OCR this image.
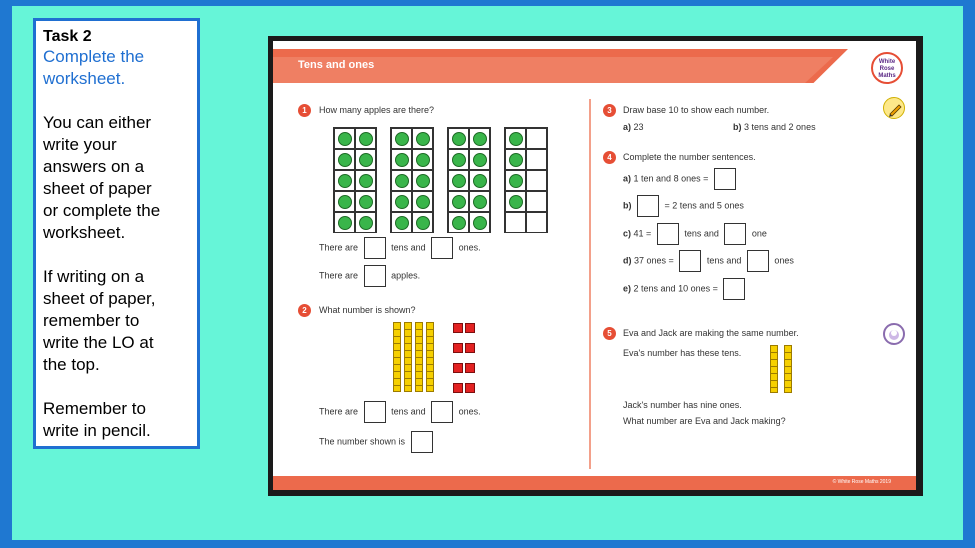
Task 2
Complete the
worksheet.
You can either
write your
answers on a
sheet of paper
or complete the
worksheet.
If writing on a
sheet of paper,
remember to
write the LO at
the top.
Remember to
write in pencil.
Tens and ones	White
Rose
Maths
1	How many apples are there?
There are	tens and	ones.
There are	apples.
2	What number is shown?
There are	tens and	ones.
The number shown is
3	Draw base 10 to show each number.
a) 23	b) 3 tens and 2 ones
4	Complete the number sentences.
a) 1 ten and 8 ones =
b)	= 2 tens and 5 ones
c) 41 =	tens and	one
d) 37 ones =	tens and	ones
e) 2 tens and 10 ones =
5	Eva and Jack are making the same number.
Eva's number has these tens.
Jack's number has nine ones.
What number are Eva and Jack making?
© White Rose Maths 2019
